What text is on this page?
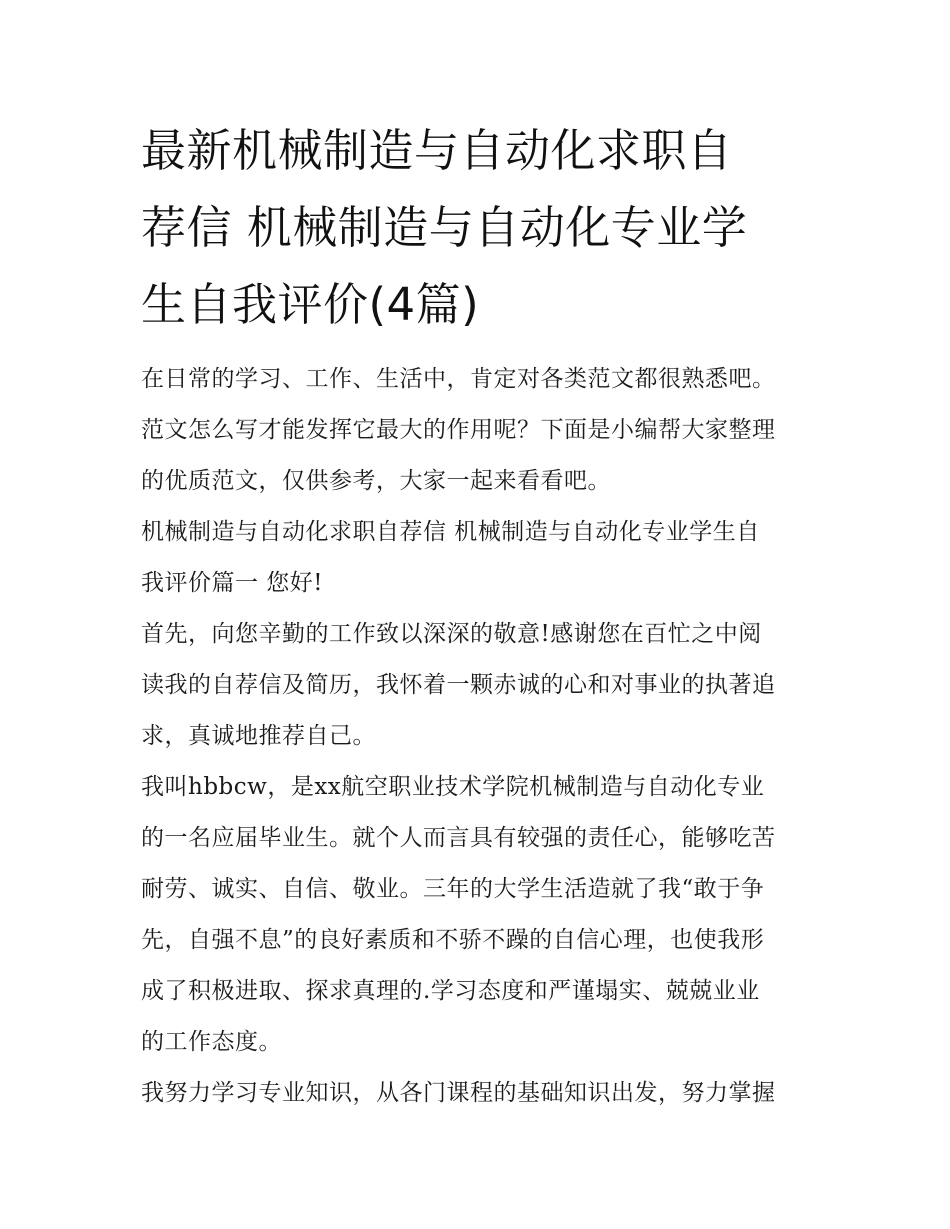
最新机械制造与自动化求职自
荐信 机械制造与自动化专业学
生自我评价(4篇)
在日常的学习、工作、生活中，肯定对各类范文都很熟悉吧。
范文怎么写才能发挥它最大的作用呢？下面是小编帮大家整理
的优质范文，仅供参考，大家一起来看看吧。
机械制造与自动化求职自荐信 机械制造与自动化专业学生自
我评价篇一 您好!
首先，向您辛勤的工作致以深深的敬意!感谢您在百忙之中阅
读我的自荐信及简历，我怀着一颗赤诚的心和对事业的执著追
求，真诚地推荐自己。
我叫hbbcw，是xx航空职业技术学院机械制造与自动化专业
的一名应届毕业生。就个人而言具有较强的责任心，能够吃苦
耐劳、诚实、自信、敬业。三年的大学生活造就了我“敢于争
先，自强不息”的良好素质和不骄不躁的自信心理，也使我形
成了积极进取、探求真理的.学习态度和严谨塌实、兢兢业业
的工作态度。
我努力学习专业知识，从各门课程的基础知识出发，努力掌握
